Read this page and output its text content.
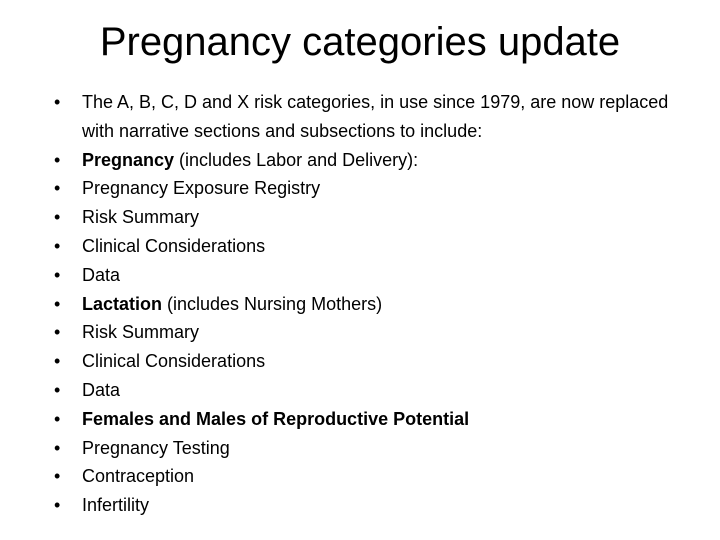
Pregnancy categories update
• The A, B, C, D and X risk categories, in use since 1979, are now replaced with narrative sections and subsections to include:
• Pregnancy (includes Labor and Delivery):
• Pregnancy Exposure Registry
• Risk Summary
• Clinical Considerations
• Data
• Lactation (includes Nursing Mothers)
• Risk Summary
• Clinical Considerations
• Data
• Females and Males of Reproductive Potential
• Pregnancy Testing
• Contraception
• Infertility
